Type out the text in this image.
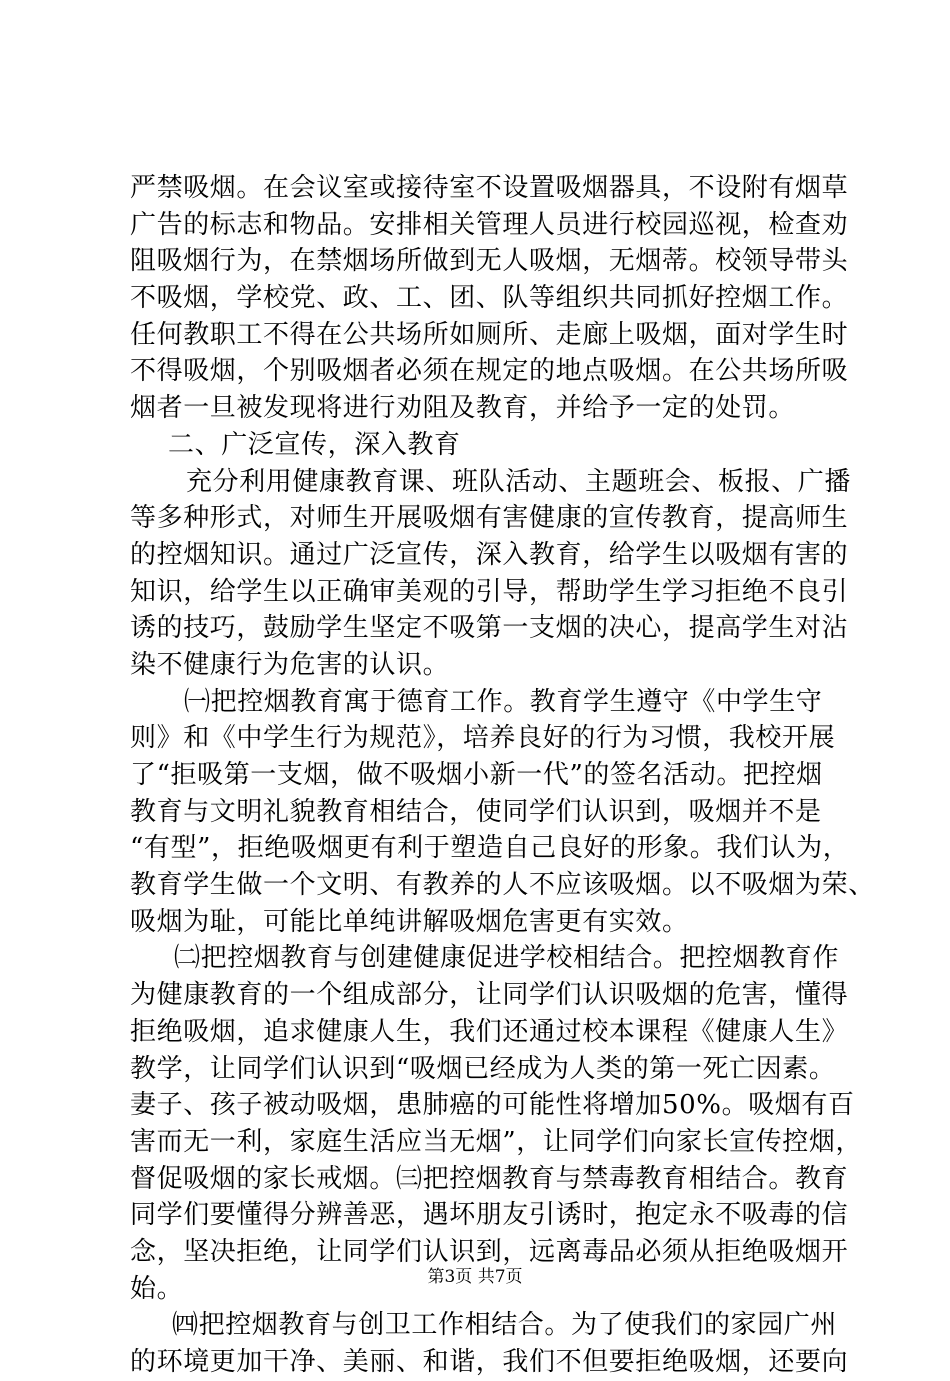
严禁吸烟。在会议室或接待室不设置吸烟器具，不设附有烟草
广告的标志和物品。安排相关管理人员进行校园巡视，检查劝
阻吸烟行为，在禁烟场所做到无人吸烟，无烟蒂。校领导带头
不吸烟，学校党、政、工、团、队等组织共同抓好控烟工作。
任何教职工不得在公共场所如厕所、走廊上吸烟，面对学生时
不得吸烟，个别吸烟者必须在规定的地点吸烟。在公共场所吸
烟者一旦被发现将进行劝阻及教育，并给予一定的处罚。
二、广泛宣传，深入教育
充分利用健康教育课、班队活动、主题班会、板报、广播
等多种形式，对师生开展吸烟有害健康的宣传教育，提高师生
的控烟知识。通过广泛宣传，深入教育，给学生以吸烟有害的
知识，给学生以正确审美观的引导，帮助学生学习拒绝不良引
诱的技巧，鼓励学生坚定不吸第一支烟的决心，提高学生对沾
染不健康行为危害的认识。
㈠把控烟教育寓于德育工作。教育学生遵守《中学生守
则》和《中学生行为规范》，培养良好的行为习惯，我校开展
了“拒吸第一支烟，做不吸烟小新一代”的签名活动。把控烟
教育与文明礼貌教育相结合，使同学们认识到，吸烟并不是
“有型”，拒绝吸烟更有利于塑造自己良好的形象。我们认为，
教育学生做一个文明、有教养的人不应该吸烟。以不吸烟为荣、
吸烟为耻，可能比单纯讲解吸烟危害更有实效。
㈡把控烟教育与创建健康促进学校相结合。把控烟教育作
为健康教育的一个组成部分，让同学们认识吸烟的危害，懂得
拒绝吸烟，追求健康人生，我们还通过校本课程《健康人生》
教学，让同学们认识到“吸烟已经成为人类的第一死亡因素。
妻子、孩子被动吸烟，患肺癌的可能性将增加50%。吸烟有百
害而无一利，家庭生活应当无烟”，让同学们向家长宣传控烟，
督促吸烟的家长戒烟。㈢把控烟教育与禁毒教育相结合。教育
同学们要懂得分辨善恶，遇坏朋友引诱时，抱定永不吸毒的信
念，坚决拒绝，让同学们认识到，远离毒品必须从拒绝吸烟开
始。
㈣把控烟教育与创卫工作相结合。为了使我们的家园广州
的环境更加干净、美丽、和谐，我们不但要拒绝吸烟，还要向
第3页 共7页
